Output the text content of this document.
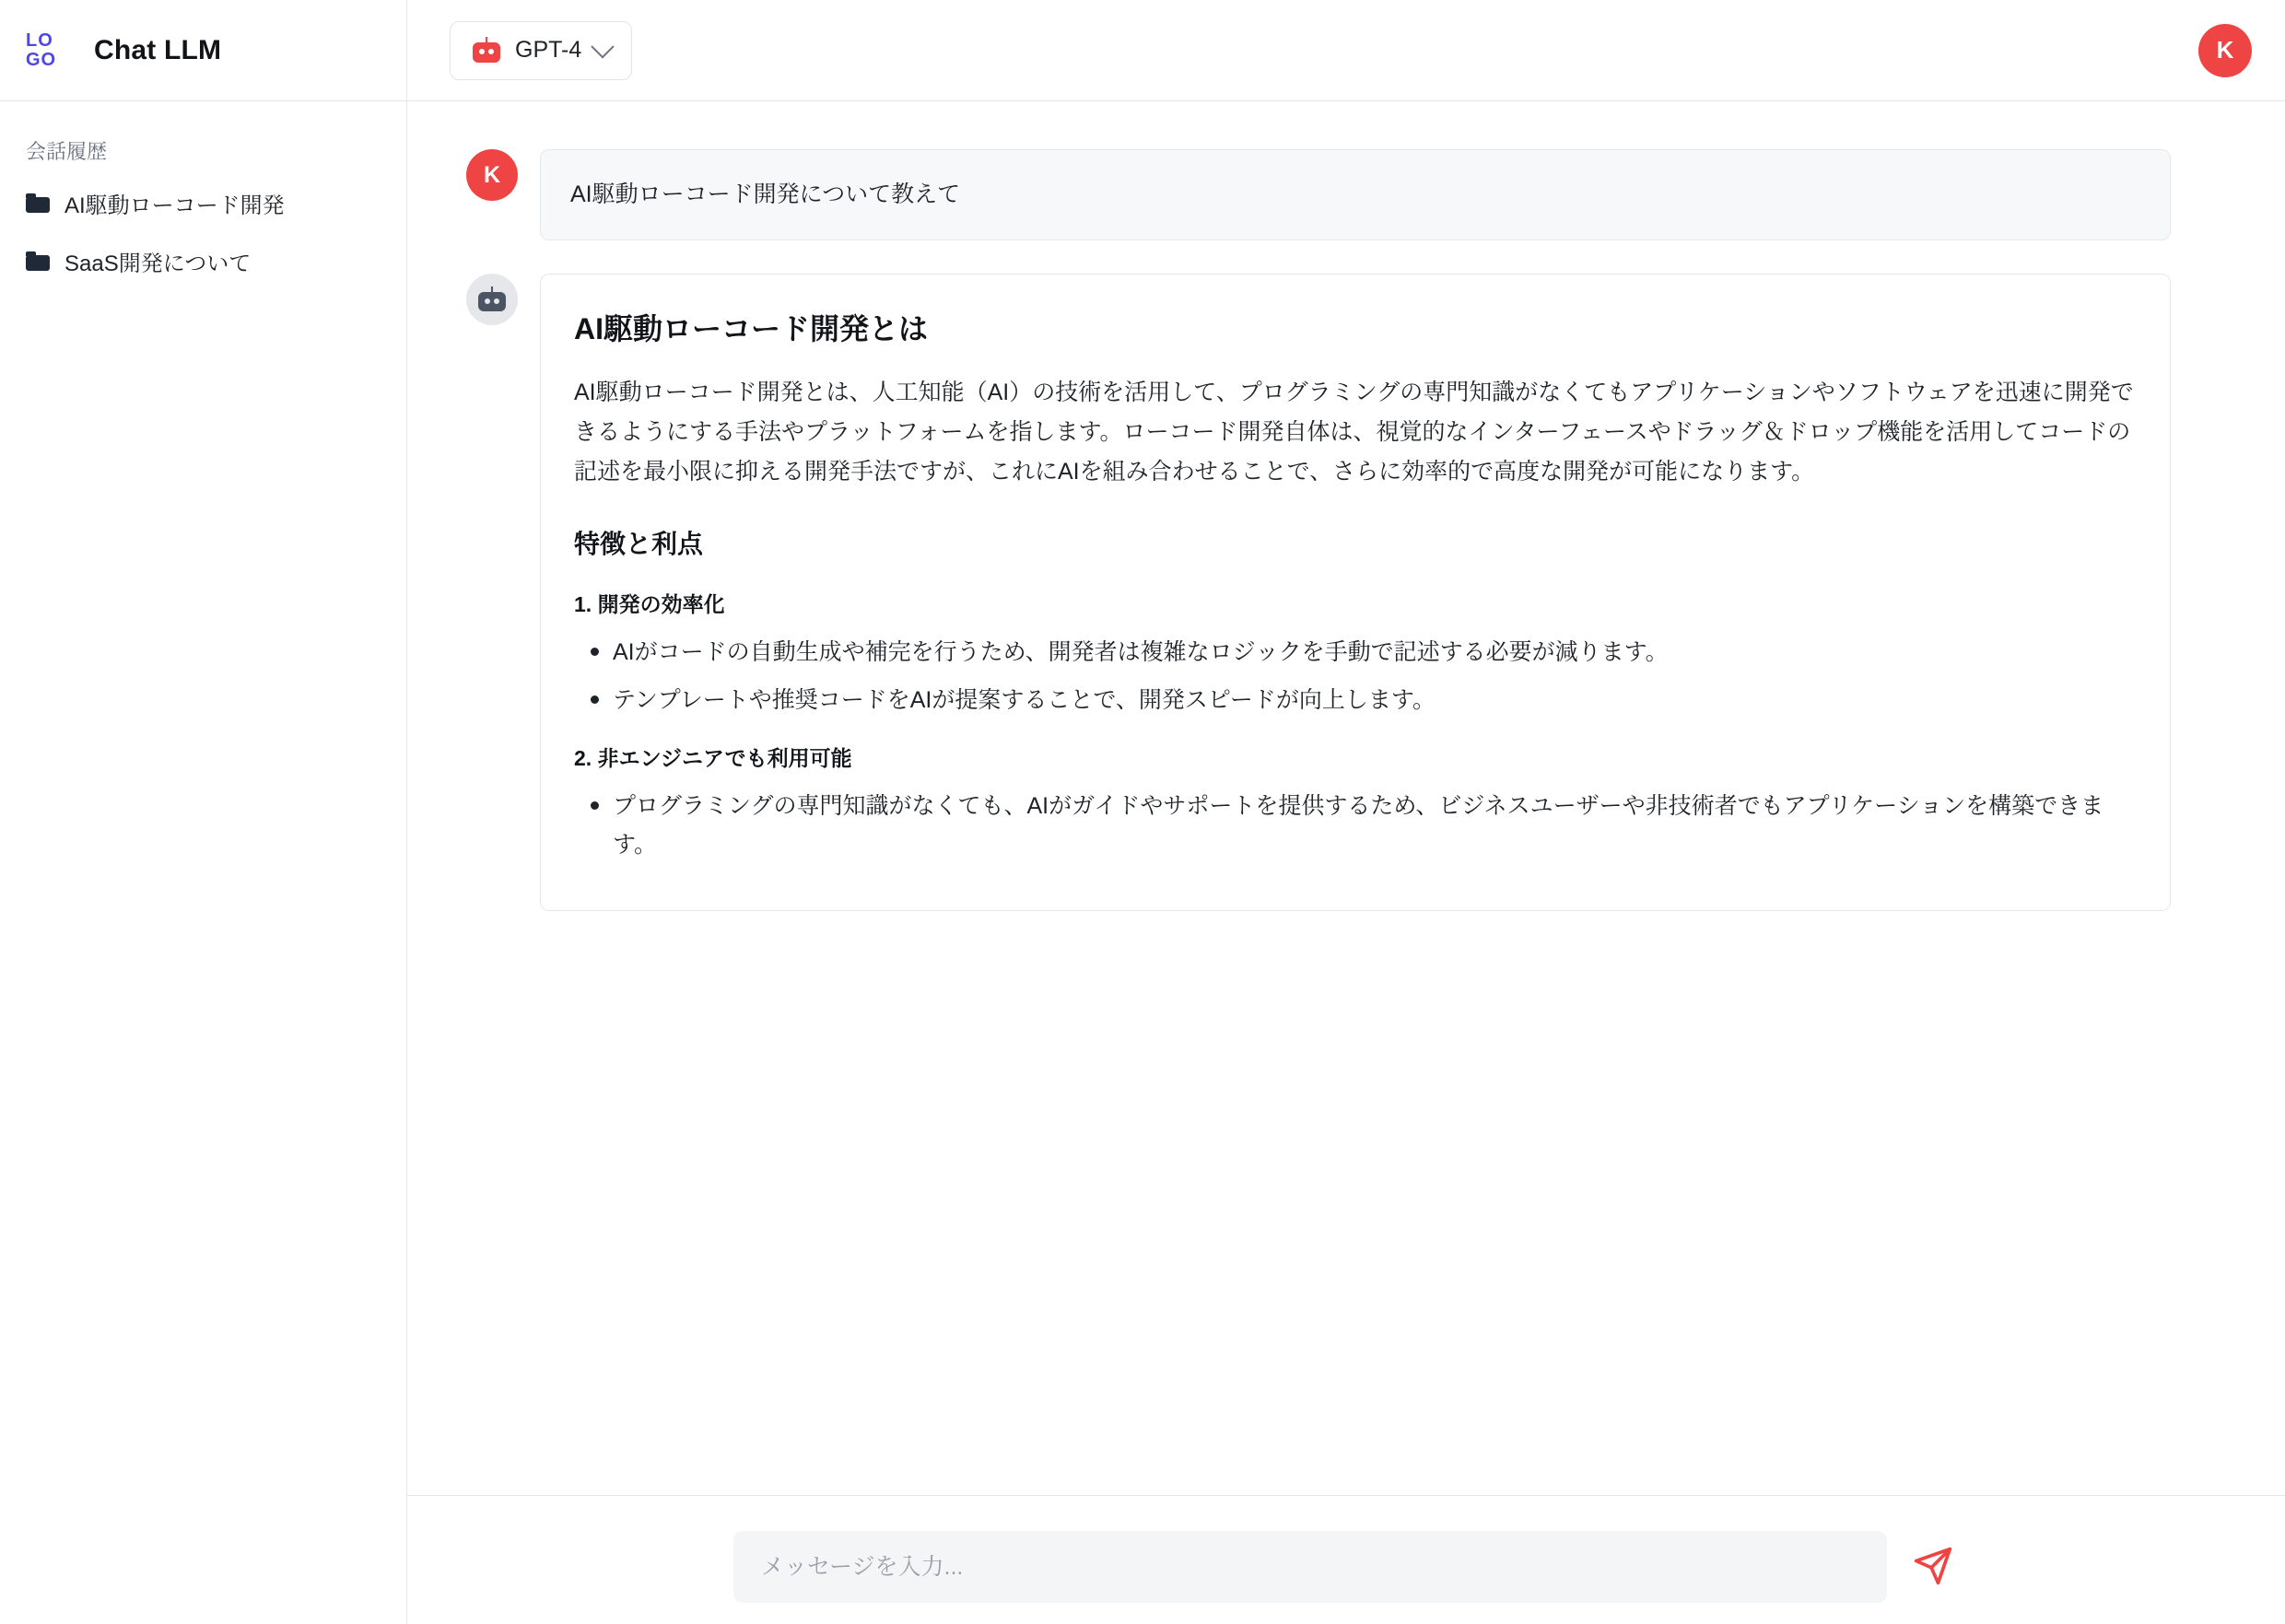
LO
GO	Chat LLM
会話履歴
AI駆動ローコード開発
SaaS開発について
GPT-4	K
K
AI駆動ローコード開発について教えて
AI駆動ローコード開発とは

AI駆動ローコード開発とは、人工知能（AI）の技術を活用して、プログラミングの専門知識がなくてもアプリケーションやソフトウェアを迅速に開発できるようにする手法やプラットフォームを指します。ローコード開発自体は、視覚的なインターフェースやドラッグ＆ドロップ機能を活用してコードの記述を最小限に抑える開発手法ですが、これにAIを組み合わせることで、さらに効率的で高度な開発が可能になります。

特徴と利点
1. 開発の効率化
AIがコードの自動生成や補完を行うため、開発者は複雑なロジックを手動で記述する必要が減ります。
テンプレートや推奨コードをAIが提案することで、開発スピードが向上します。
2. 非エンジニアでも利用可能
プログラミングの専門知識がなくても、AIがガイドやサポートを提供するため、ビジネスユーザーや非技術者でもアプリケーションを構築できます。
メッセージを入力...
